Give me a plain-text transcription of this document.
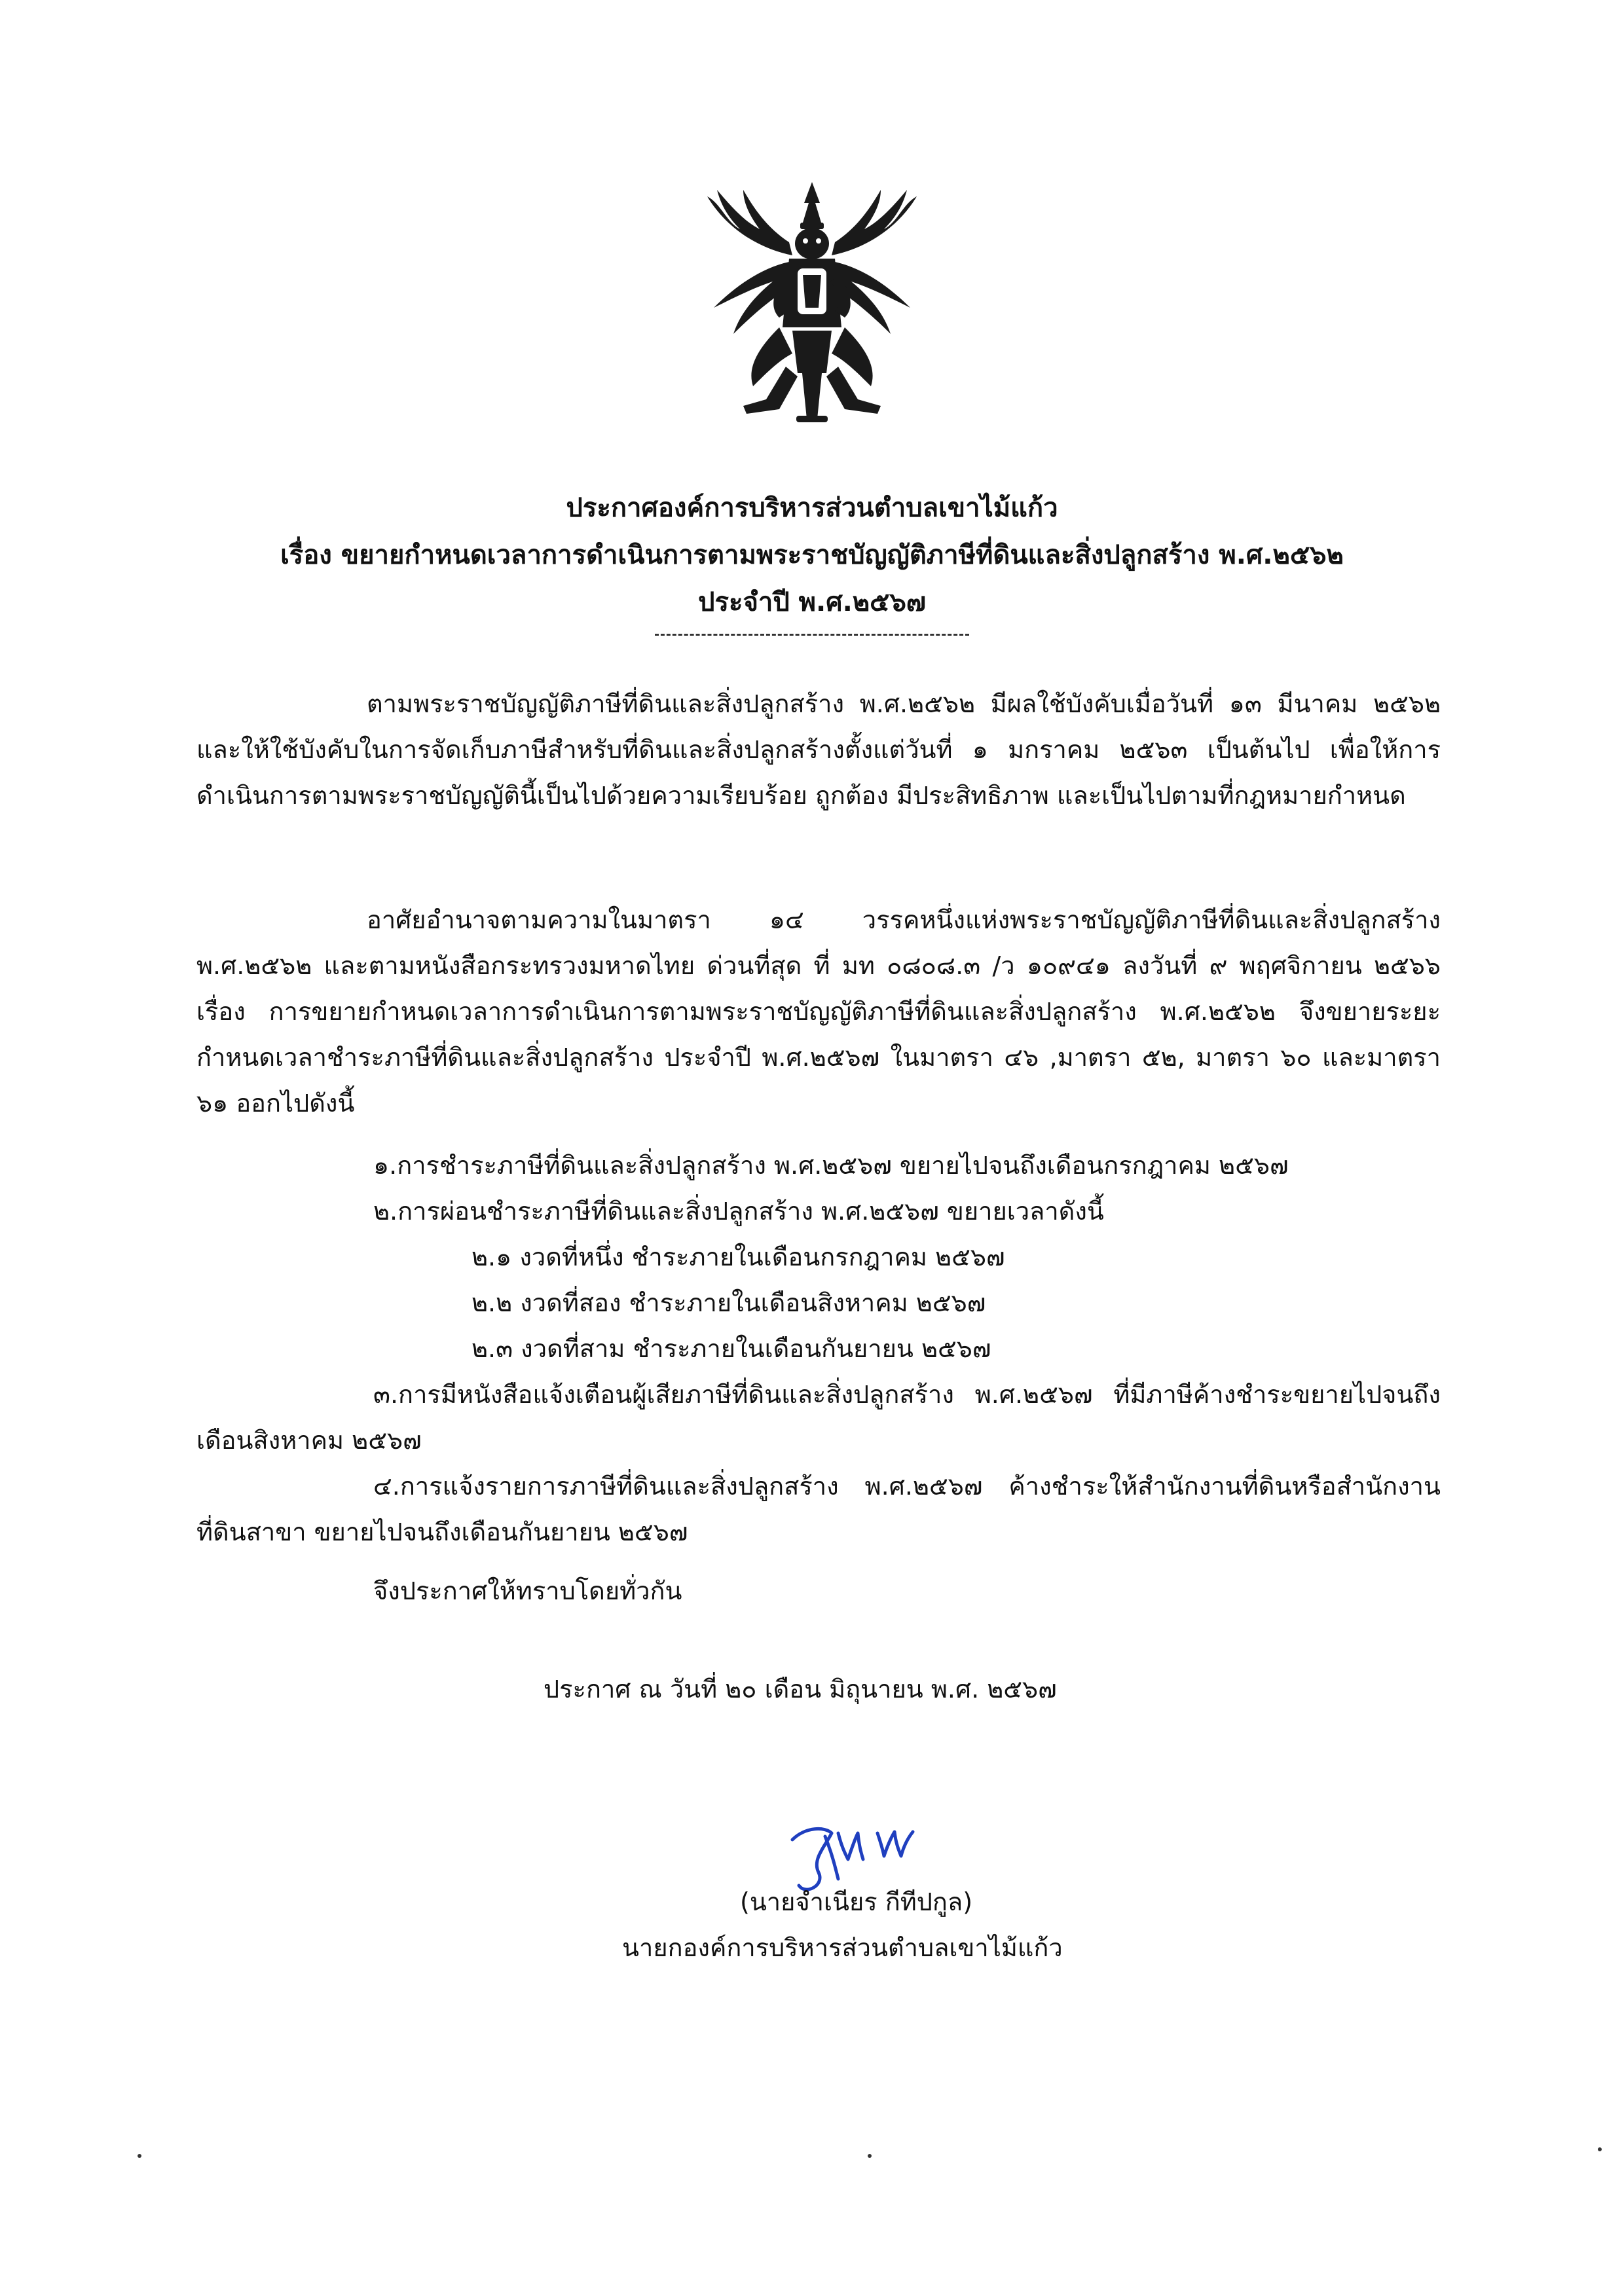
ประกาศองค์การบริหารส่วนตำบลเขาไม้แก้ว
เรื่อง ขยายกำหนดเวลาการดำเนินการตามพระราชบัญญัติภาษีที่ดินและสิ่งปลูกสร้าง พ.ศ.๒๕๖๒
ประจำปี พ.ศ.๒๕๖๗
ตามพระราชบัญญัติภาษีที่ดินและสิ่งปลูกสร้าง พ.ศ.๒๕๖๒ มีผลใช้บังคับเมื่อวันที่ ๑๓ มีนาคม ๒๕๖๒ และให้ใช้บังคับในการจัดเก็บภาษีสำหรับที่ดินและสิ่งปลูกสร้างตั้งแต่วันที่ ๑ มกราคม ๒๕๖๓ เป็นต้นไป เพื่อให้การดำเนินการตามพระราชบัญญัตินี้เป็นไปด้วยความเรียบร้อย ถูกต้อง มีประสิทธิภาพ และเป็นไปตามที่กฎหมายกำหนด
อาศัยอำนาจตามความในมาตรา ๑๔ วรรคหนึ่งแห่งพระราชบัญญัติภาษีที่ดินและสิ่งปลูกสร้าง พ.ศ.๒๕๖๒ และตามหนังสือกระทรวงมหาดไทย ด่วนที่สุด ที่ มท ๐๘๐๘.๓ /ว ๑๐๙๔๑ ลงวันที่ ๙ พฤศจิกายน ๒๕๖๖ เรื่อง การขยายกำหนดเวลาการดำเนินการตามพระราชบัญญัติภาษีที่ดินและสิ่งปลูกสร้าง พ.ศ.๒๕๖๒ จึงขยายระยะกำหนดเวลาชำระภาษีที่ดินและสิ่งปลูกสร้าง ประจำปี พ.ศ.๒๕๖๗ ในมาตรา ๔๖ ,มาตรา ๕๒, มาตรา ๖๐ และมาตรา ๖๑ ออกไปดังนี้
๑.การชำระภาษีที่ดินและสิ่งปลูกสร้าง พ.ศ.๒๕๖๗ ขยายไปจนถึงเดือนกรกฎาคม ๒๕๖๗
๒.การผ่อนชำระภาษีที่ดินและสิ่งปลูกสร้าง พ.ศ.๒๕๖๗ ขยายเวลาดังนี้
๒.๑ งวดที่หนึ่ง ชำระภายในเดือนกรกฎาคม ๒๕๖๗
๒.๒ งวดที่สอง ชำระภายในเดือนสิงหาคม ๒๕๖๗
๒.๓ งวดที่สาม ชำระภายในเดือนกันยายน ๒๕๖๗
๓.การมีหนังสือแจ้งเตือนผู้เสียภาษีที่ดินและสิ่งปลูกสร้าง พ.ศ.๒๕๖๗ ที่มีภาษีค้างชำระขยายไปจนถึงเดือนสิงหาคม ๒๕๖๗
๔.การแจ้งรายการภาษีที่ดินและสิ่งปลูกสร้าง พ.ศ.๒๕๖๗ ค้างชำระให้สำนักงานที่ดินหรือสำนักงานที่ดินสาขา ขยายไปจนถึงเดือนกันยายน ๒๕๖๗
จึงประกาศให้ทราบโดยทั่วกัน
ประกาศ ณ วันที่ ๒๐ เดือน มิถุนายน พ.ศ. ๒๕๖๗
(นายจำเนียร กีทีปกูล)
นายกองค์การบริหารส่วนตำบลเขาไม้แก้ว
